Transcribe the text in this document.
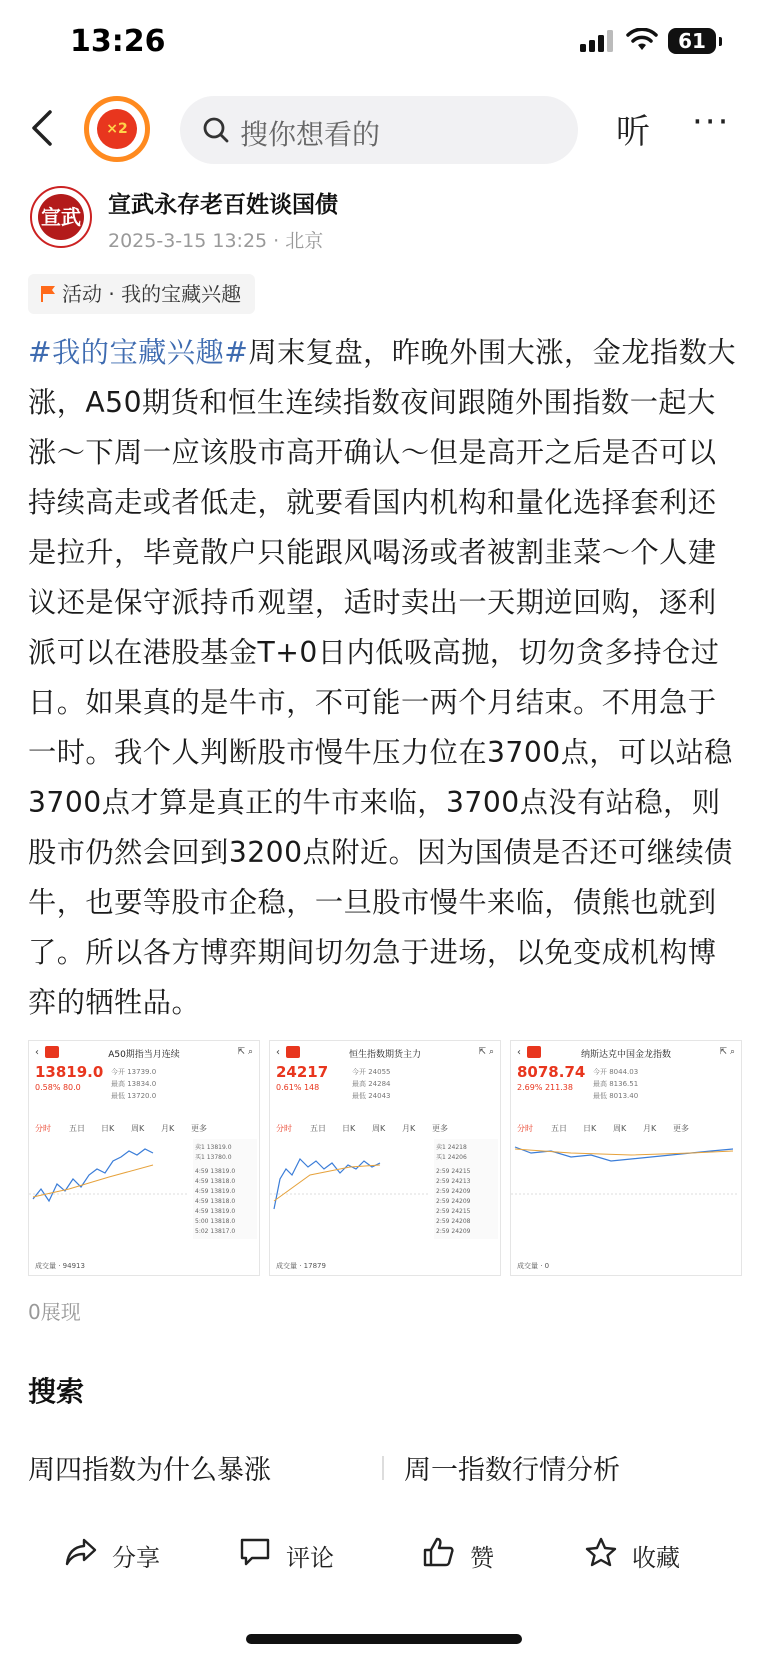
13:26	61
×2	搜你想看的	听 ···
宣武 宣武永存老百姓谈国债
2025-3-15 13:25 · 北京
活动 · 我的宝藏兴趣
#我的宝藏兴趣#周末复盘，昨晚外围大涨，金龙指数大涨，A50期货和恒生连续指数夜间跟随外围指数一起大涨～下周一应该股市高开确认～但是高开之后是否可以持续高走或者低走，就要看国内机构和量化选择套利还是拉升，毕竟散户只能跟风喝汤或者被割韭菜～个人建议还是保守派持币观望，适时卖出一天期逆回购，逐利派可以在港股基金T+0日内低吸高抛，切勿贪多持仓过日。如果真的是牛市，不可能一两个月结束。不用急于一时。我个人判断股市慢牛压力位在3700点，可以站稳3700点才算是真正的牛市来临，3700点没有站稳，则股市仍然会回到3200点附近。因为国债是否还可继续债牛，也要等股市企稳，一旦股市慢牛来临，债熊也就到了。所以各方博弈期间切勿急于进场，以免变成机构博弈的牺牲品。
‹	A50期指当月连续	⇱ ⌕
13819.0
0.58% 80.0
今开 13739.0
最高 13834.0
最低 13720.0
分时 五日 日K 周K 月K 更多
卖1 13819.0
买1 13780.0
4:59 13819.0
4:59 13818.0
4:59 13819.0
4:59 13818.0
4:59 13819.0
5:00 13818.0
5:02 13817.0
成交量 · 94913
‹	恒生指数期货主力	⇱ ⌕
24217
0.61% 148
今开 24055
最高 24284
最低 24043
分时 五日 日K 周K 月K 更多
卖1 24218
买1 24206
2:59 24215
2:59 24213
2:59 24209
2:59 24209
2:59 24215
2:59 24208
2:59 24209
成交量 · 17879
‹	纳斯达克中国金龙指数	⇱ ⌕
8078.74
2.69% 211.38
今开 8044.03
最高 8136.51
最低 8013.40
分时 五日 日K 周K 月K 更多
成交量 · 0
0展现
搜索
周四指数为什么暴涨	周一指数行情分析
分享	评论	赞	收藏
